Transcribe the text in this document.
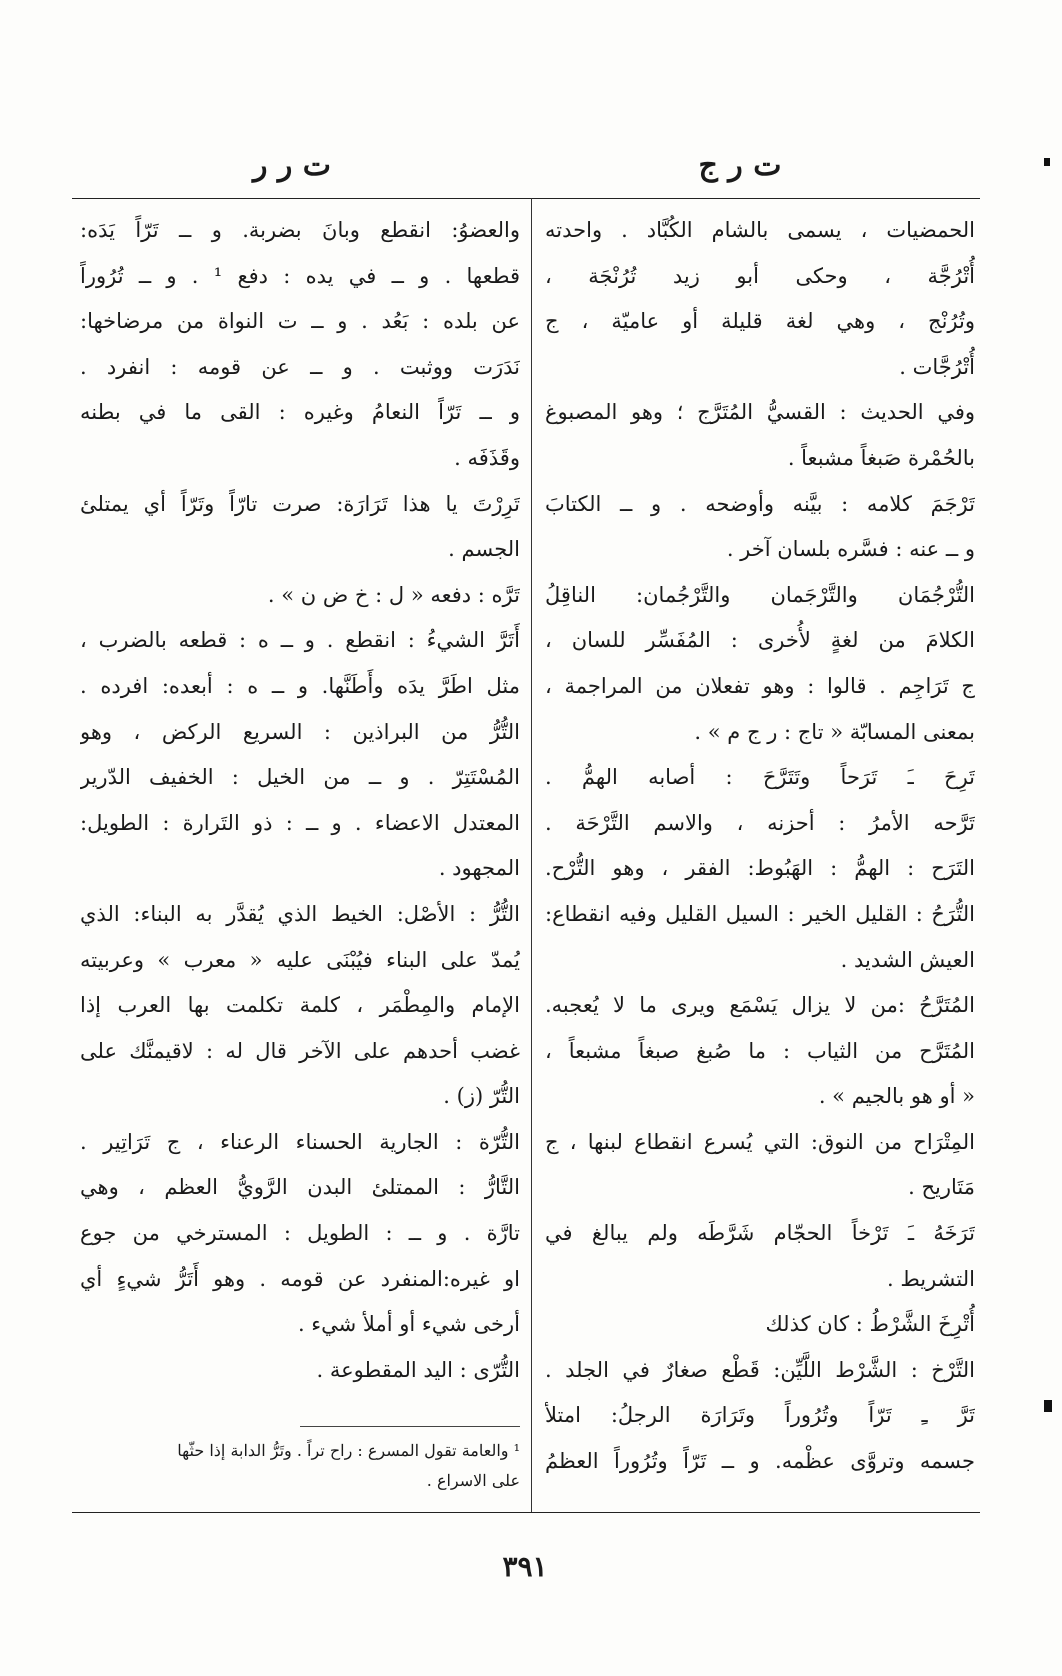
ت ر ج
ت ر ر
الحمضيات ، يسمى بالشام الكُبَّاد . واحدته
أُتْرُجَّة ، وحكى أبو زيد تُرُنْجَة ،
وتُرُنْج ، وهي لغة قليلة أو عاميّة ، ج
أُتْرُجَّات .
وفي الحديث : القسيُّ المُتَرَّج ؛ وهو المصبوغ
بالحُمْرة صَبغاً مشبعاً .
تَرْجَمَ كلامه : بيَّنه وأوضحه . و ــ الكتابَ
و ــ عنه : فسَّره بلسان آخر .
التُّرْجُمَان والتَّرْجَمان والتَّرْجُمان: الناقِلُ
الكلامَ من لغةٍ لأُخرى : المُفَسِّر للسان ،
ج تَرَاجِم . قالوا : وهو تفعلان من المراجمة ،
بمعنى المسابّة « تاج : ر ج م » .
تَرِحَ ـَ تَرَحاً وتَتَرَّحَ : أصابه الهمُّ .
تَرَّحه الأمرُ : أحزنه ، والاسم التَّرْحَة .
التَرَح : الهمُّ : الهَبُوط: الفقر ، وهو التُّرْح.
التُّرَحُ : القليل الخير : السيل القليل وفيه انقطاع:
العيش الشديد .
المُتَرَّحُ :من لا يزال يَسْمَع ويرى ما لا يُعجبه.
المُتَرَّح من الثياب : ما صُبغ صبغاً مشبعاً ،
« أو هو بالجيم » .
المِتْرَاح من النوق: التي يُسرع انقطاع لبنها ، ج
مَتَاريح .
تَرَخَهُ ـَ تَرْخاً الحجّام شَرَّطَه ولم يبالغ في
التشريط .
أُتْرِخَ الشَّرْطُ : كان كذلك
التَّرْخ : الشَّرْط اللَّيِّن: قَطْع صغارٌ في الجلد .
تَرَّ ـِ تَرّاً وتُرُوراً وتَرَارَة الرجلُ: امتلأ
جسمه وتروَّى عظْمه. و ــ تَرّاً وتُرُوراً العظمُ
والعضوُ: انقطع وبانَ بضربة. و ــ تَرّاً يَدَه:
قطعها . و ــ في يده : دفع ¹ . و ــ تُرُوراً
عن بلده : بَعُد . و ــ ت النواة من مرضاخها:
نَدَرَت ووثبت . و ــ عن قومه : انفرد .
و ــ تَرّاً النعامُ وغيره : القى ما في بطنه
وقَذَفَه .
تَرِرْتَ يا هذا تَرَارَة: صرت تارّاً وتَرّاً أي يمتلئ
الجسم .
تَرَّه : دفعه « ل : خ ض ن » .
أَتَرَّ الشيءُ : انقطع . و ــ ه : قطعه بالضرب ،
مثل اطَرَّ يدَه وأَطَنَّها. و ــ ه : أبعده: افرده .
التُّرُّ من البراذين : السريع الركض ، وهو
المُسْتَتِرّ . و ــ من الخيل : الخفيف الدّرير
المعتدل الاعضاء . و ــ : ذو التَرارة : الطويل:
المجهود .
التُّرُّ : الأصْل: الخيط الذي يُقدَّر به البناء: الذي
يُمدّ على البناء فيُبْنَى عليه « معرب » وعربيته
الإمام والمِطْمَر ، كلمة تكلمت بها العرب إذا
غضب أحدهم على الآخر قال له : لاقيمنَّك على
التُّرّ (ز) .
التُّرّة : الجارية الحسناء الرعناء ، ج تَرَاتِير .
التَّارُّ : الممتلئ البدن الرَّويُّ العظم ، وهي
تارَّة . و ــ : الطويل : المسترخي من جوع
او غيره:المنفرد عن قومه . وهو أَتَرُّ شيءٍ أي
أرخى شيء أو أملأ شيء .
التُّرّى : اليد المقطوعة .
¹ والعامة تقول المسرع : راح تراً . وتَرُّ الدابة إذا حثّها
على الاسراع .
٣٩١
